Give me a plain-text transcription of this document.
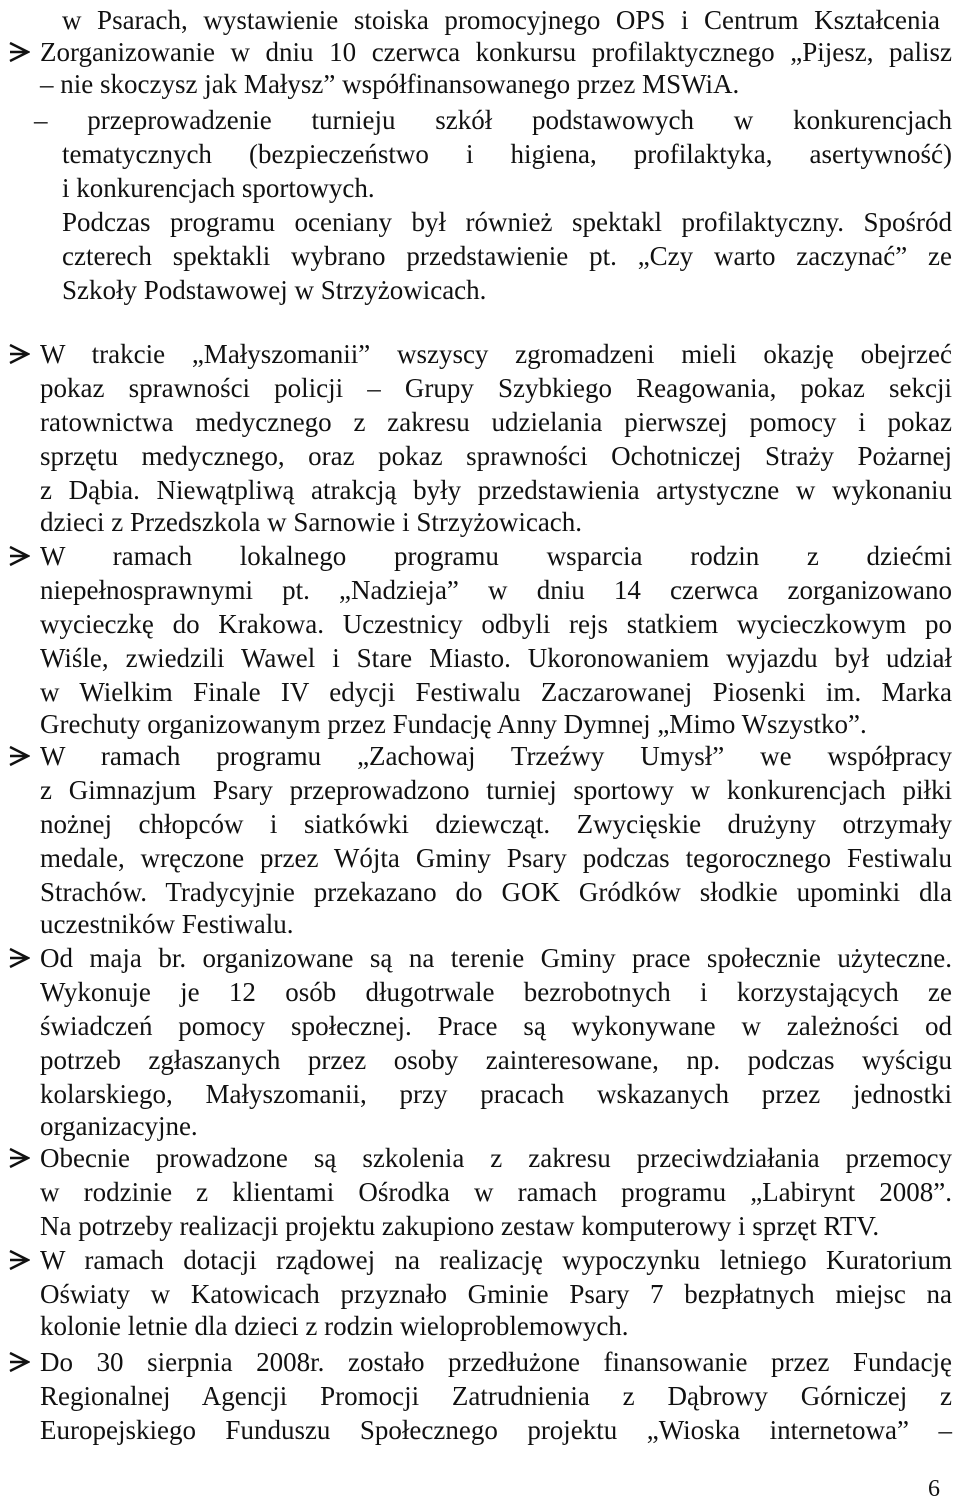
w Psarach, wystawienie stoiska promocyjnego OPS i Centrum Kształcenia
Zorganizowanie w dniu 10 czerwca konkursu profilaktycznego „Pijesz, palisz
– nie skoczysz jak Małysz” współfinansowanego przez MSWiA.
– przeprowadzenie turnieju szkół podstawowych w konkurencjach
tematycznych (bezpieczeństwo i higiena, profilaktyka, asertywność)
i konkurencjach sportowych.
Podczas programu oceniany był również spektakl profilaktyczny. Spośród
czterech spektakli wybrano przedstawienie pt. „Czy warto zaczynać” ze
Szkoły Podstawowej w Strzyżowicach.
W trakcie „Małyszomanii” wszyscy zgromadzeni mieli okazję obejrzeć
pokaz sprawności policji – Grupy Szybkiego Reagowania, pokaz sekcji
ratownictwa medycznego z zakresu udzielania pierwszej pomocy i pokaz
sprzętu medycznego, oraz pokaz sprawności Ochotniczej Straży Pożarnej
z Dąbia. Niewątpliwą atrakcją były przedstawienia artystyczne w wykonaniu
dzieci z Przedszkola w Sarnowie i Strzyżowicach.
W ramach lokalnego programu wsparcia rodzin z dziećmi
niepełnosprawnymi pt. „Nadzieja” w dniu 14 czerwca zorganizowano
wycieczkę do Krakowa. Uczestnicy odbyli rejs statkiem wycieczkowym po
Wiśle, zwiedzili Wawel i Stare Miasto. Ukoronowaniem wyjazdu był udział
w Wielkim Finale IV edycji Festiwalu Zaczarowanej Piosenki im. Marka
Grechuty organizowanym przez Fundację Anny Dymnej „Mimo Wszystko”.
W ramach programu „Zachowaj Trzeźwy Umysł” we współpracy
z Gimnazjum Psary przeprowadzono turniej sportowy w konkurencjach piłki
nożnej chłopców i siatkówki dziewcząt. Zwycięskie drużyny otrzymały
medale, wręczone przez Wójta Gminy Psary podczas tegorocznego Festiwalu
Strachów. Tradycyjnie przekazano do GOK Gródków słodkie upominki dla
uczestników Festiwalu.
Od maja br. organizowane są na terenie Gminy prace społecznie użyteczne.
Wykonuje je 12 osób długotrwale bezrobotnych i korzystających ze
świadczeń pomocy społecznej. Prace są wykonywane w zależności od
potrzeb zgłaszanych przez osoby zainteresowane, np. podczas wyścigu
kolarskiego, Małyszomanii, przy pracach wskazanych przez jednostki
organizacyjne.
Obecnie prowadzone są szkolenia z zakresu przeciwdziałania przemocy
w rodzinie z klientami Ośrodka w ramach programu „Labirynt 2008”.
Na potrzeby realizacji projektu zakupiono zestaw komputerowy i sprzęt RTV.
W ramach dotacji rządowej na realizację wypoczynku letniego Kuratorium
Oświaty w Katowicach przyznało Gminie Psary 7 bezpłatnych miejsc na
kolonie letnie dla dzieci z rodzin wieloproblemowych.
Do 30 sierpnia 2008r. zostało przedłużone finansowanie przez Fundację
Regionalnej Agencji Promocji Zatrudnienia z Dąbrowy Górniczej z
Europejskiego Funduszu Społecznego projektu „Wioska internetowa” –
6
